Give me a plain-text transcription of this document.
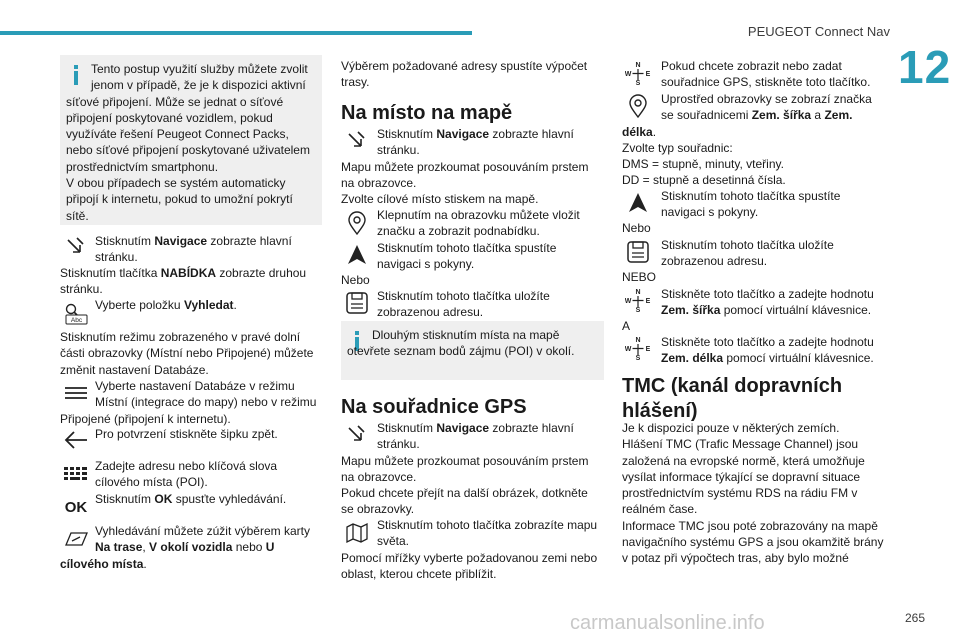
PEUGEOT Connect Nav
12
265
Tento postup využití služby můžete zvolit
jenom v případě, že je k dispozici aktivní
síťové připojení. Může se jednat o síťové připojení poskytované vozidlem, pokud využíváte řešení Peugeot Connect Packs, nebo síťové připojení poskytované uživatelem prostřednictvím smartphonu.
V obou případech se systém automaticky připojí k internetu, pokud to umožní pokrytí sítě.
Stisknutím Navigace zobrazte hlavní stránku.
Stisknutím tlačítka NABÍDKA zobrazte druhou stránku.
Abc
Vyberte položku Vyhledat.
Stisknutím režimu zobrazeného v pravé dolní části obrazovky (Místní nebo Připojené) můžete změnit nastavení Databáze.
Vyberte nastavení Databáze v režimu
Místní (integrace do mapy) nebo v režimu
Připojené (připojení k internetu).
Pro potvrzení stiskněte šipku zpět.
Zadejte adresu nebo klíčová slova cílového místa (POI).
OK Stisknutím OK spusťte vyhledávání.
Vyhledávání můžete zúžit výběrem karty
Na trase, V okolí vozidla nebo U
cílového místa.
Výběrem požadované adresy spustíte výpočet trasy.
Na místo na mapě
Stisknutím Navigace zobrazte hlavní stránku.
Mapu můžete prozkoumat posouváním prstem na obrazovce.
Zvolte cílové místo stiskem na mapě.
Klepnutím na obrazovku můžete vložit značku a zobrazit podnabídku.
Stisknutím tohoto tlačítka spustíte navigaci s pokyny.
Nebo
Stisknutím tohoto tlačítka uložíte zobrazenou adresu.
Dlouhým stisknutím místa na mapě otevřete seznam bodů zájmu (POI) v okolí.
Na souřadnice GPS
Stisknutím Navigace zobrazte hlavní stránku.
Mapu můžete prozkoumat posouváním prstem na obrazovce.
Pokud chcete přejít na další obrázek, dotkněte se obrazovky.
Stisknutím tohoto tlačítka zobrazíte mapu světa.
Pomocí mřížky vyberte požadovanou zemi nebo oblast, kterou chcete přiblížit.
N
S
W E
Pokud chcete zobrazit nebo zadat souřadnice GPS, stiskněte toto tlačítko.
Uprostřed obrazovky se zobrazí značka se souřadnicemi Zem. šířka a Zem.
délka.
Zvolte typ souřadnic:
DMS = stupně, minuty, vteřiny.
DD = stupně a desetinná čísla.
Stisknutím tohoto tlačítka spustíte navigaci s pokyny.
Nebo
Stisknutím tohoto tlačítka uložíte zobrazenou adresu.
NEBO
N
S
W E
Stiskněte toto tlačítko a zadejte hodnotu Zem. šířka pomocí virtuální klávesnice.
A
N
S
W E
Stiskněte toto tlačítko a zadejte hodnotu Zem. délka pomocí virtuální klávesnice.
TMC (kanál dopravních hlášení)
Je k dispozici pouze v některých zemích.
Hlášení TMC (Trafic Message Channel) jsou založená na evropské normě, která umožňuje vysílat informace týkající se dopravní situace prostřednictvím systému RDS na rádiu FM v reálném čase.
Informace TMC jsou poté zobrazovány na mapě navigačního systému GPS a jsou okamžitě brány v potaz při výpočtech tras, aby bylo možné
carmanualsonline.info
